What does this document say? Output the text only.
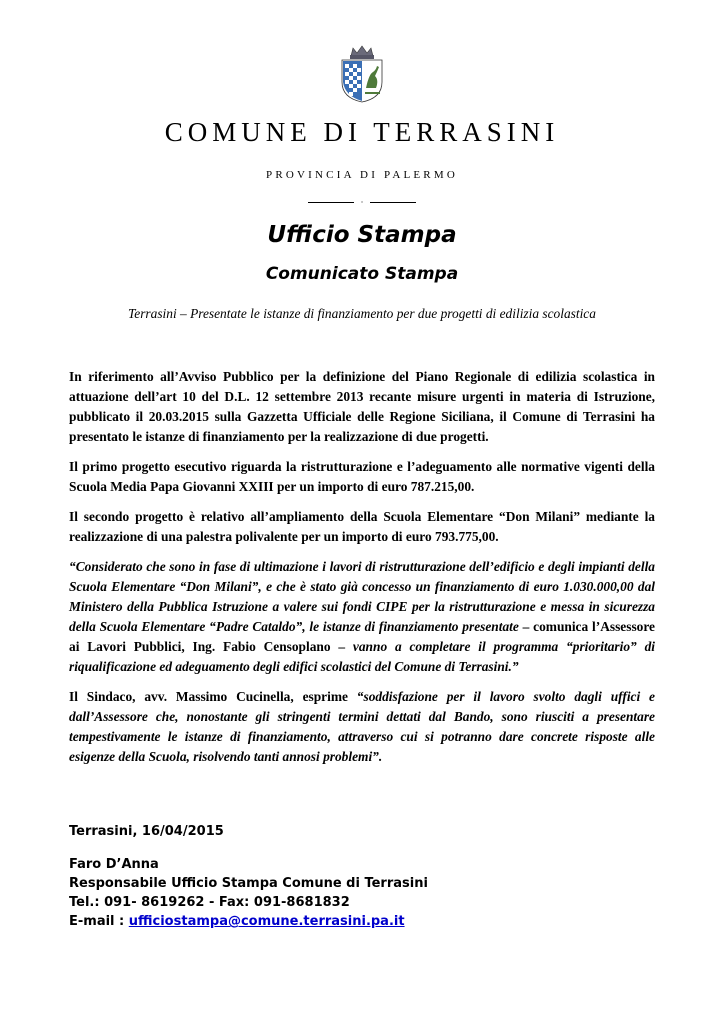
COMUNE DI TERRASINI
PROVINCIA DI PALERMO
·
Ufficio Stampa
Comunicato Stampa
Terrasini – Presentate le istanze di finanziamento per due progetti di edilizia scolastica

In riferimento all’Avviso Pubblico per la definizione del Piano Regionale di edilizia scolastica in attuazione dell’art 10 del D.L. 12 settembre 2013 recante misure urgenti in materia di Istruzione, pubblicato il 20.03.2015 sulla Gazzetta Ufficiale delle Regione Siciliana, il Comune di Terrasini ha presentato le istanze di finanziamento per la realizzazione di due progetti.

Il primo progetto esecutivo riguarda la ristrutturazione e l’adeguamento alle normative vigenti della Scuola Media Papa Giovanni XXIII per un importo di euro 787.215,00.

Il secondo progetto è relativo all’ampliamento della Scuola Elementare “Don Milani” mediante la realizzazione di una palestra polivalente per un importo di euro 793.775,00.

“Considerato che sono in fase di ultimazione i lavori di ristrutturazione dell’edificio e degli impianti della Scuola Elementare “Don Milani”, e che è stato già concesso un finanziamento di euro 1.030.000,00 dal Ministero della Pubblica Istruzione a valere sui fondi CIPE per la ristrutturazione e messa in sicurezza della Scuola Elementare “Padre Cataldo”, le istanze di finanziamento presentate – comunica l’Assessore ai Lavori Pubblici, Ing. Fabio Censoplano – vanno a completare il programma “prioritario” di riqualificazione ed adeguamento degli edifici scolastici del Comune di Terrasini.”

Il Sindaco, avv. Massimo Cucinella, esprime “soddisfazione per il lavoro svolto dagli uffici e dall’Assessore che, nonostante gli stringenti termini dettati dal Bando, sono riusciti a presentare tempestivamente le istanze di finanziamento, attraverso cui si potranno dare concrete risposte alle esigenze della Scuola, risolvendo tanti annosi problemi”.

Terrasini, 16/04/2015
Faro D’Anna
Responsabile Ufficio Stampa Comune di Terrasini
Tel.: 091- 8619262 - Fax: 091-8681832
E-mail : ufficiostampa@comune.terrasini.pa.it
